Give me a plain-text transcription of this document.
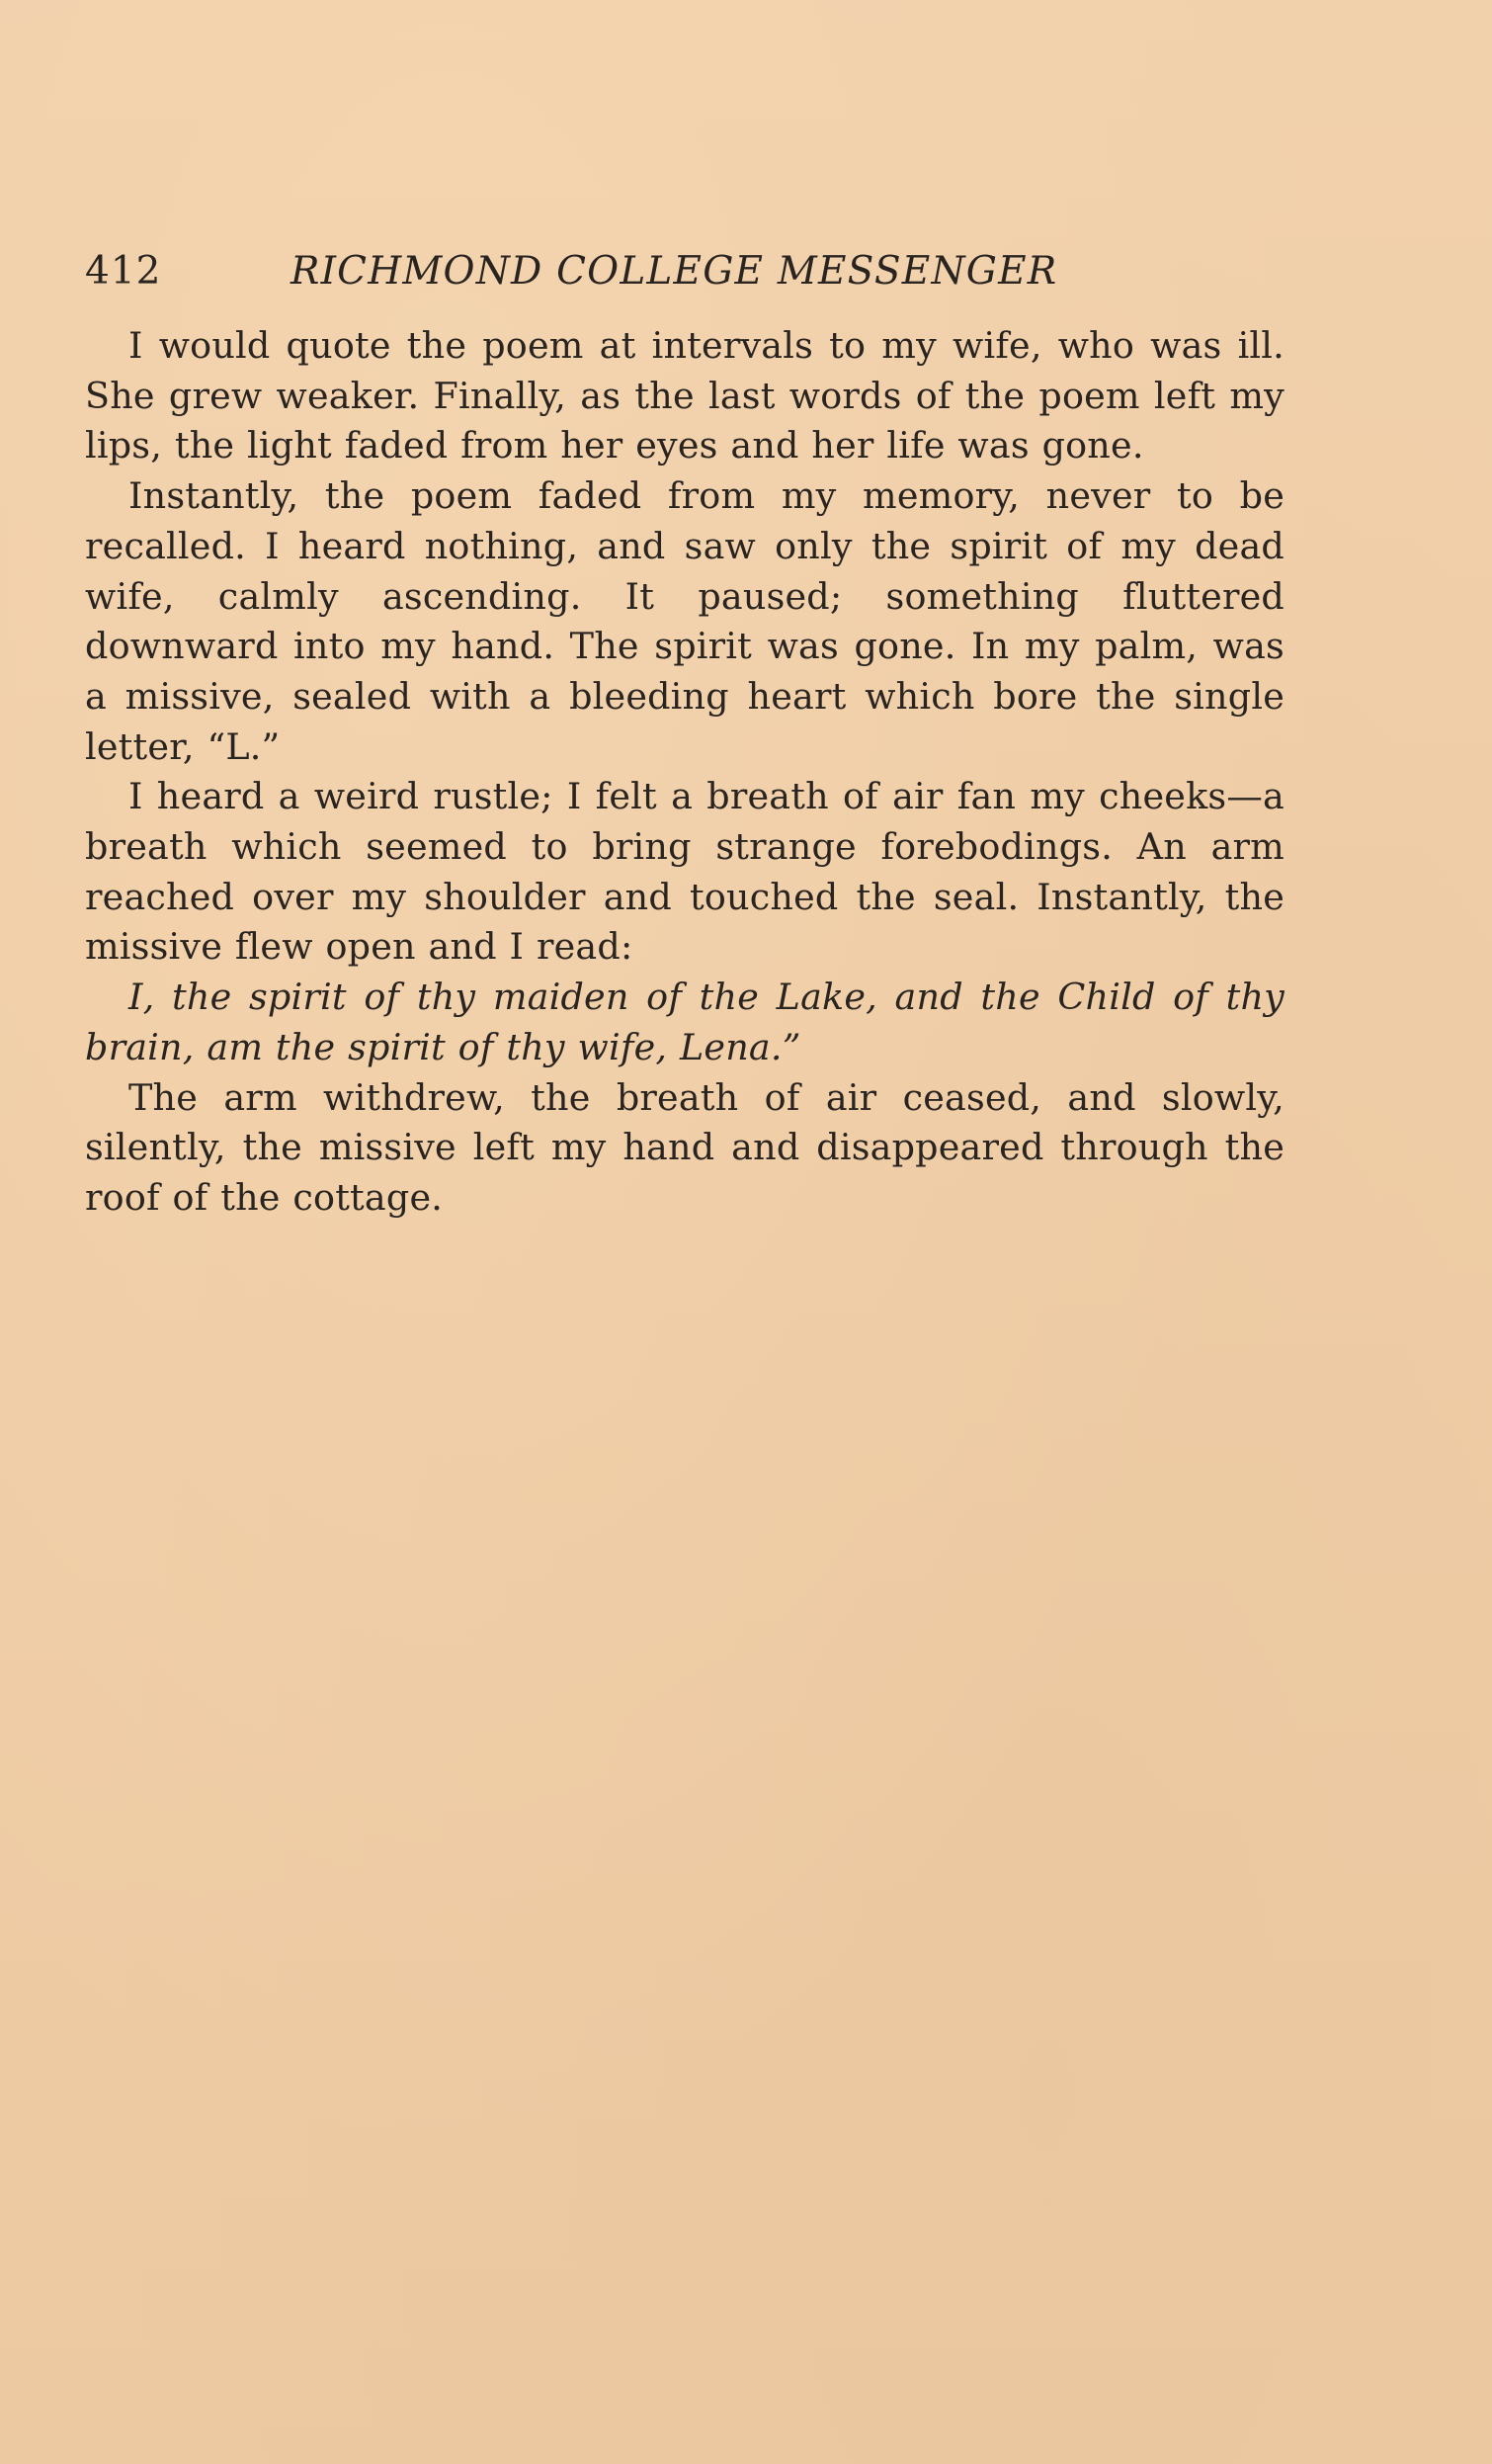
412	RICHMOND COLLEGE MESSENGER

I would quote the poem at intervals to my wife, who was ill. She grew weaker. Finally, as the last words of the poem left my lips, the light faded from her eyes and her life was gone.

Instantly, the poem faded from my memory, never to be recalled. I heard nothing, and saw only the spirit of my dead wife, calmly ascending. It paused; something fluttered downward into my hand. The spirit was gone. In my palm, was a missive, sealed with a bleeding heart which bore the single letter, “L.”

I heard a weird rustle; I felt a breath of air fan my cheeks—a breath which seemed to bring strange forebodings. An arm reached over my shoulder and touched the seal. Instantly, the missive flew open and I read:

I, the spirit of thy maiden of the Lake, and the Child of thy brain, am the spirit of thy wife, Lena.”

The arm withdrew, the breath of air ceased, and slowly, silently, the missive left my hand and disappeared through the roof of the cottage.
